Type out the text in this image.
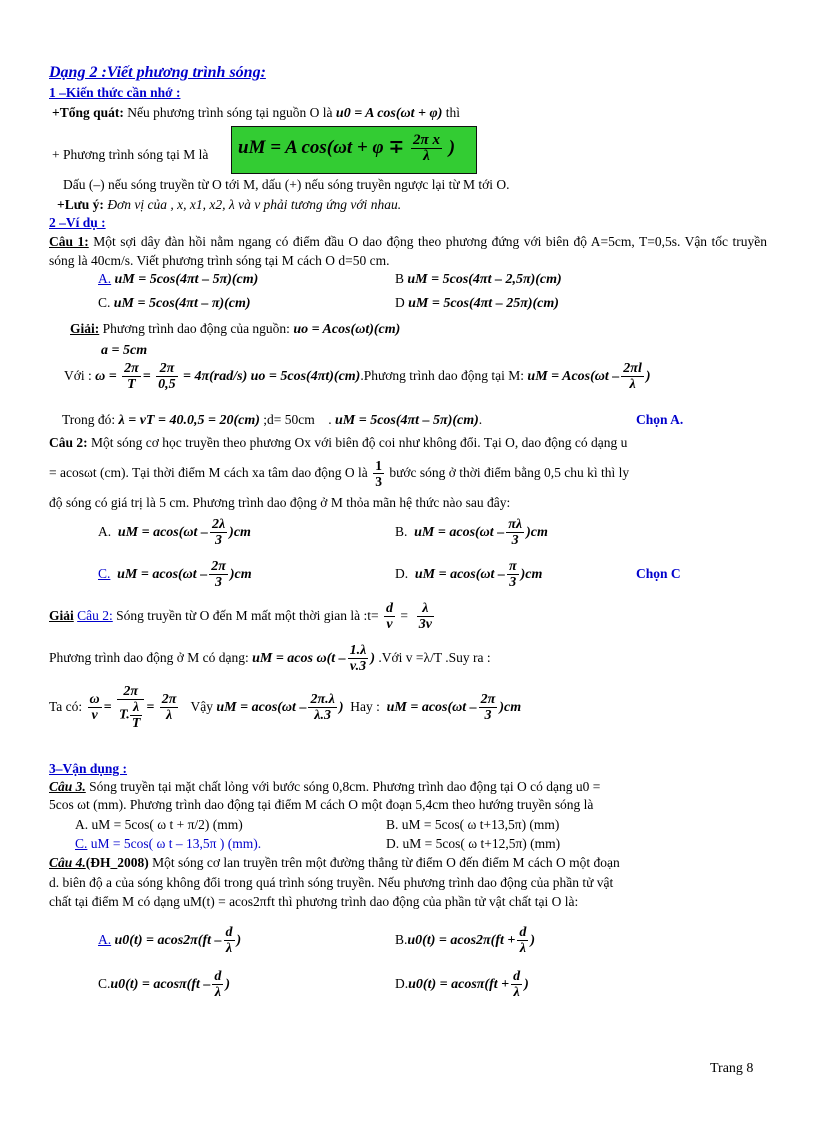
Dạng 2 :Viết phương trình sóng:
1 –Kiến thức cần nhớ :
+Tổng quát: Nếu phương trình sóng tại nguồn O là u0 = A cos(ωt + φ) thì
+ Phương trình sóng tại M là uM = A $\cos(\omega t + \varphi \mp \frac{\text{2π x}}{\lambda}$ )
Dấu (–) nếu sóng truyền từ O tới M, dấu (+) nếu sóng truyền ngược lại từ M tới O.
+Lưu ý: Đơn vị của , x, x1, x2, λ và v phải tương ứng với nhau.
2 –Ví dụ :
Câu 1: Một sợi dây đàn hồi nằm ngang có điểm đầu O dao động theo phương đứng với biên độ A=5cm, T=0,5s. Vận tốc truyền sóng là 40cm/s. Viết phương trình sóng tại M cách O d=50 cm.
A. uM = 5cos(4πt – 5π)(cm)	B uM = 5cos(4πt – 2,5π)(cm)
C. uM = 5cos(4πt – π)(cm)	D uM = 5cos(4πt – 25π)(cm)
Giải: Phương trình dao động của nguồn: uo = Acos(ωt)(cm)
a = 5cm
Với : $\omega = \frac{2\pi}{T} = \frac{2\pi}{0,5} = 4\pi(rad/s)$ uo = 5cos(4πt)(cm).Phương trình dao động tại M: uM = $Acos(\omega t - \frac{2\pi l}{\lambda}$ )
Trong đó: λ = vT = 40.0,5 = 20(cm) ;d= 50cm . uM = 5cos(4πt – 5π)(cm).	Chọn A.
Câu 2: Một sóng cơ học truyền theo phương Ox với biên độ coi như không đổi. Tại O, dao động có dạng u
= acosωt (cm). Tại thời điểm M cách xa tâm dao động O là $\frac{1}{3}$ bước sóng ở thời điểm bằng 0,5 chu kì thì ly
độ sóng có giá trị là 5 cm. Phương trình dao động ở M thỏa mãn hệ thức nào sau đây:
A. uM = $acos(\omega t - \frac{2\lambda}{3} )cm$	B. uM = $acos(\omega t - \frac{\pi\lambda}{3} )cm$
C. uM = $acos(\omega t - \frac{2\pi}{3} )cm$	D. uM = $acos(\omega t - \frac{\pi}{3} )cm$	Chọn C
Giải Câu 2: Sóng truyền từ O đến M mất một thời gian là :t= $\frac{d}{v} = \frac{\lambda}{3v}$
Phương trình dao động ở M có dạng: uM = acos $\omega(t - \frac{1.\lambda}{v.3}$ ) .Với v =λ/T .Suy ra :
Ta có: $\frac{\omega}{v} = \frac{2\pi}{T. \frac{\lambda}{T}} = \frac{2\pi}{\lambda}$ Vậy uM = $acos(\omega t - \frac{2\pi.\lambda}{\lambda.3}$ ) Hay : uM = $acos(\omega t - \frac{2\pi}{3} )cm$
3–Vận dụng :
Câu 3. Sóng truyền tại mặt chất lỏng với bước sóng 0,8cm. Phương trình dao động tại O có dạng u0 =
5cos ωt (mm). Phương trình dao động tại điểm M cách O một đoạn 5,4cm theo hướng truyền sóng là
A. uM = 5cos( ω t + π/2) (mm)	B. uM = 5cos( ω t+13,5π) (mm)
C. uM = 5cos( ω t – 13,5π ) (mm).	D. uM = 5cos( ω t+12,5π) (mm)
Câu 4.(ĐH_2008) Một sóng cơ lan truyền trên một đường thẳng từ điểm O đến điểm M cách O một đoạn
d. biên độ a của sóng không đổi trong quá trình sóng truyền. Nếu phương trình dao động của phần tử vật
chất tại điểm M có dạng uM(t) = acos2πft thì phương trình dao động của phần tử vật chất tại O là:
A. $u0(t) = acos2\pi(ft - \frac{d}{\lambda}$ )	$B.u0(t) = acos2\pi(ft + \frac{d}{\lambda}$ )
$C.u0(t) = acos\pi(ft - \frac{d}{\lambda}$ )	$D.u0(t) = acos\pi(ft + \frac{d}{\lambda}$ )
Trang 8
